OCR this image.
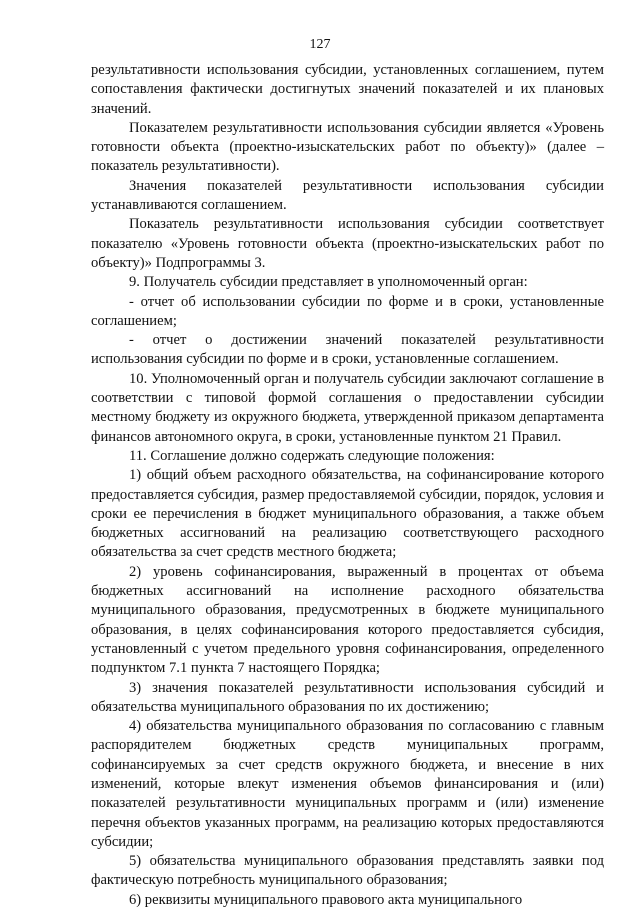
127

результативности использования субсидии, установленных соглашением, путем сопоставления фактически достигнутых значений показателей и их плановых значений.

Показателем результативности использования субсидии является «Уровень готовности объекта (проектно-изыскательских работ по объекту)» (далее – показатель результативности).

Значения показателей результативности использования субсидии устанавливаются соглашением.

Показатель результативности использования субсидии соответствует показателю «Уровень готовности объекта (проектно-изыскательских работ по объекту)» Подпрограммы 3.

9. Получатель субсидии представляет в уполномоченный орган:

- отчет об использовании субсидии по форме и в сроки, установленные соглашением;

- отчет о достижении значений показателей результативности использования субсидии по форме и в сроки, установленные соглашением.

10. Уполномоченный орган и получатель субсидии заключают соглашение в соответствии с типовой формой соглашения о предоставлении субсидии местному бюджету из окружного бюджета, утвержденной приказом департамента финансов автономного округа, в сроки, установленные пунктом 21 Правил.

11. Соглашение должно содержать следующие положения:

1) общий объем расходного обязательства, на софинансирование которого предоставляется субсидия, размер предоставляемой субсидии, порядок, условия и сроки ее перечисления в бюджет муниципального образования, а также объем бюджетных ассигнований на реализацию соответствующего расходного обязательства за счет средств местного бюджета;

2) уровень софинансирования, выраженный в процентах от объема бюджетных ассигнований на исполнение расходного обязательства муниципального образования, предусмотренных в бюджете муниципального образования, в целях софинансирования которого предоставляется субсидия, установленный с учетом предельного уровня софинансирования, определенного подпунктом 7.1 пункта 7 настоящего Порядка;

3) значения показателей результативности использования субсидий и обязательства муниципального образования по их достижению;

4) обязательства муниципального образования по согласованию с главным распорядителем бюджетных средств муниципальных программ, софинансируемых за счет средств окружного бюджета, и внесение в них изменений, которые влекут изменения объемов финансирования и (или) показателей результативности муниципальных программ и (или) изменение перечня объектов указанных программ, на реализацию которых предоставляются субсидии;

5) обязательства муниципального образования представлять заявки под фактическую потребность муниципального образования;

6) реквизиты муниципального правового акта муниципального
